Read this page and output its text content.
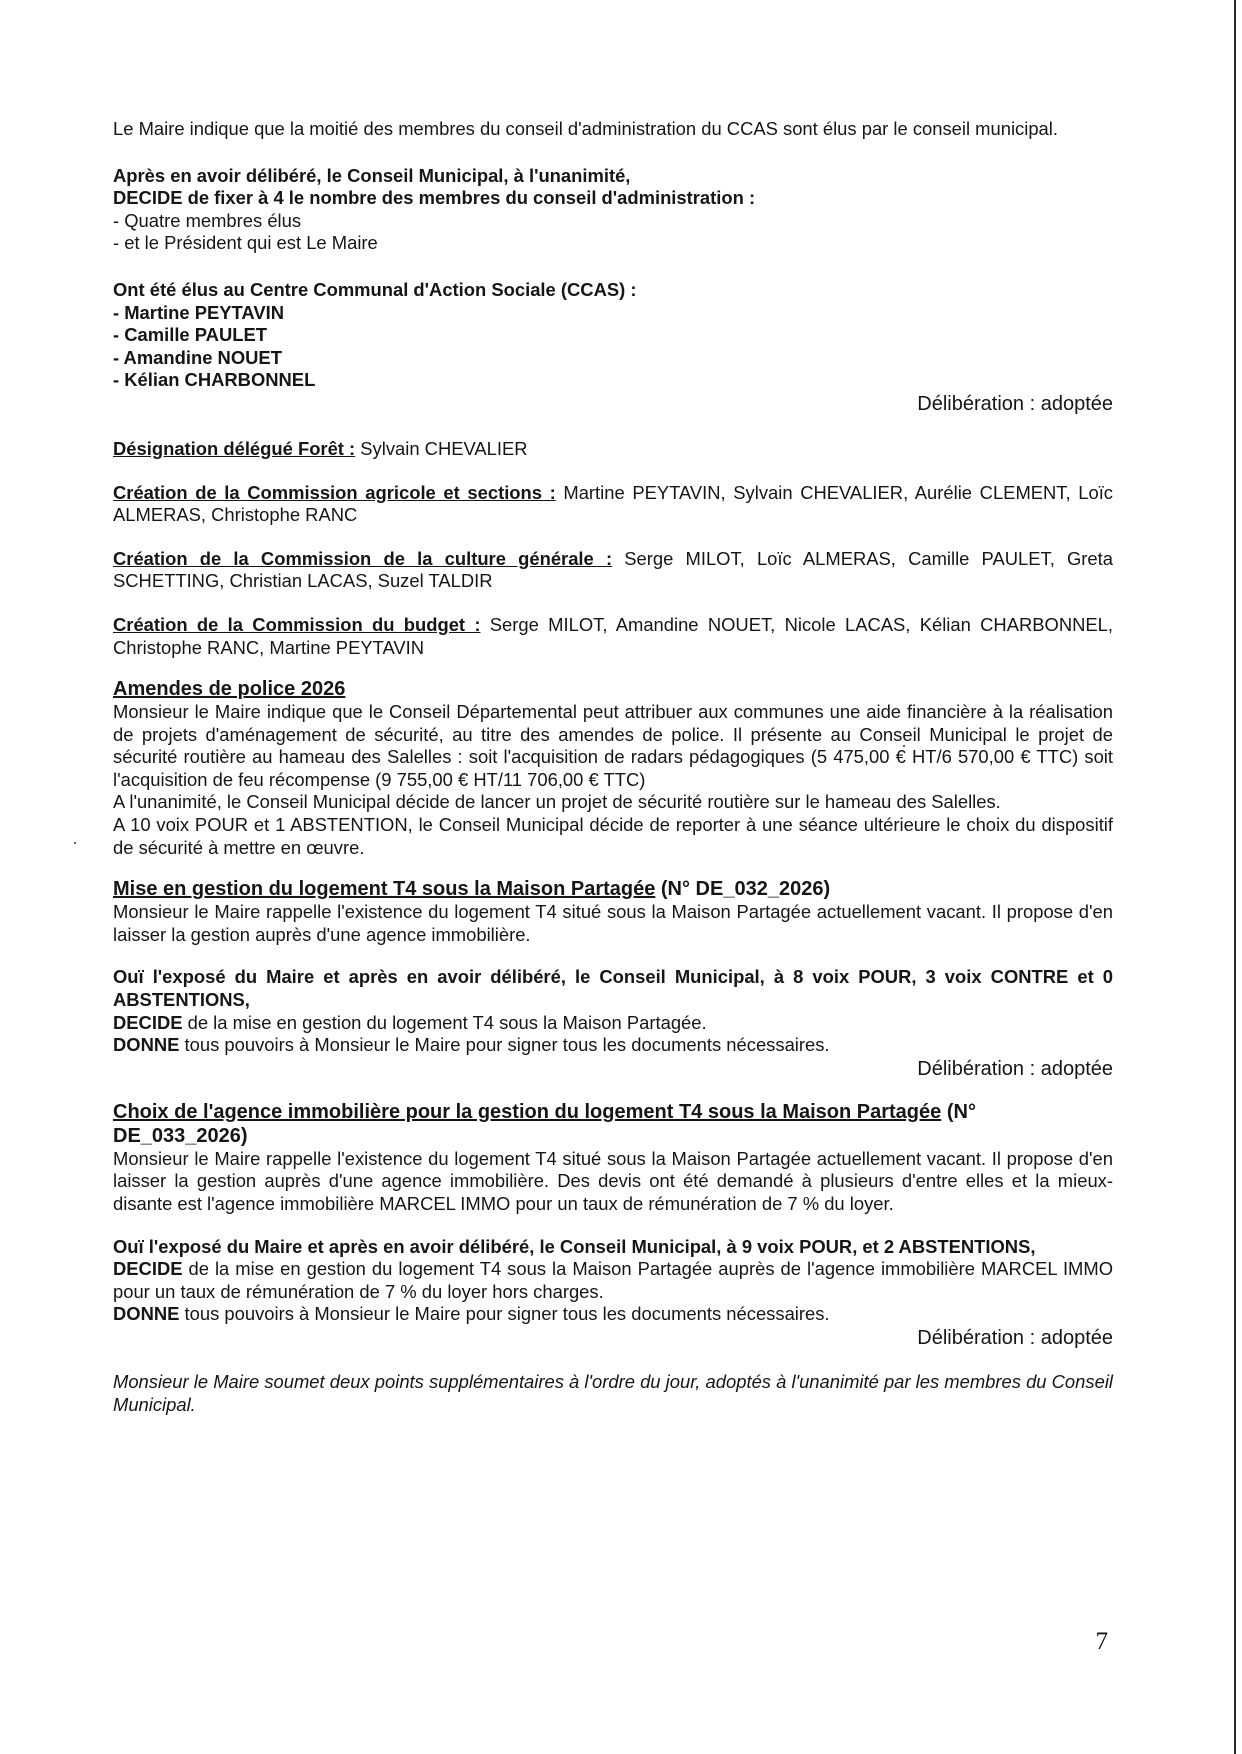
Le Maire indique que la moitié des membres du conseil d'administration du CCAS sont élus par le conseil municipal.

Après en avoir délibéré, le Conseil Municipal, à l'unanimité,

DECIDE de fixer à 4 le nombre des membres du conseil d'administration :

- Quatre membres élus

- et le Président qui est Le Maire

Ont été élus au Centre Communal d'Action Sociale (CCAS) :

- Martine PEYTAVIN

- Camille PAULET

- Amandine NOUET

- Kélian CHARBONNEL

Délibération : adoptée

Désignation délégué Forêt : Sylvain CHEVALIER

Création de la Commission agricole et sections : Martine PEYTAVIN, Sylvain CHEVALIER, Aurélie CLEMENT, Loïc ALMERAS, Christophe RANC

Création de la Commission de la culture générale : Serge MILOT, Loïc ALMERAS, Camille PAULET, Greta SCHETTING, Christian LACAS, Suzel TALDIR

Création de la Commission du budget : Serge MILOT, Amandine NOUET, Nicole LACAS, Kélian CHARBONNEL, Christophe RANC, Martine PEYTAVIN

Amendes de police 2026

Monsieur le Maire indique que le Conseil Départemental peut attribuer aux communes une aide financière à la réalisation de projets d'aménagement de sécurité, au titre des amendes de police. Il présente au Conseil Municipal le projet de sécurité routière au hameau des Salelles : soit l'acquisition de radars pédagogiques (5 475,00 € HT/6 570,00 € TTC) soit l'acquisition de feu récompense (9 755,00 € HT/11 706,00 € TTC)

A l'unanimité, le Conseil Municipal décide de lancer un projet de sécurité routière sur le hameau des Salelles.

A 10 voix POUR et 1 ABSTENTION, le Conseil Municipal décide de reporter à une séance ultérieure le choix du dispositif de sécurité à mettre en œuvre.

Mise en gestion du logement T4 sous la Maison Partagée (N° DE_032_2026)

Monsieur le Maire rappelle l'existence du logement T4 situé sous la Maison Partagée actuellement vacant. Il propose d'en laisser la gestion auprès d'une agence immobilière.

Ouï l'exposé du Maire et après en avoir délibéré, le Conseil Municipal, à 8 voix POUR, 3 voix CONTRE et 0 ABSTENTIONS,

DECIDE de la mise en gestion du logement T4 sous la Maison Partagée.

DONNE tous pouvoirs à Monsieur le Maire pour signer tous les documents nécessaires.

Délibération : adoptée

Choix de l'agence immobilière pour la gestion du logement T4 sous la Maison Partagée (N° DE_033_2026)

Monsieur le Maire rappelle l'existence du logement T4 situé sous la Maison Partagée actuellement vacant. Il propose d'en laisser la gestion auprès d'une agence immobilière. Des devis ont été demandé à plusieurs d'entre elles et la mieux-disante est l'agence immobilière MARCEL IMMO pour un taux de rémunération de 7 % du loyer.

Ouï l'exposé du Maire et après en avoir délibéré, le Conseil Municipal, à 9 voix POUR, et 2 ABSTENTIONS,

DECIDE de la mise en gestion du logement T4 sous la Maison Partagée auprès de l'agence immobilière MARCEL IMMO pour un taux de rémunération de 7 % du loyer hors charges.

DONNE tous pouvoirs à Monsieur le Maire pour signer tous les documents nécessaires.

Délibération : adoptée

Monsieur le Maire soumet deux points supplémentaires à l'ordre du jour, adoptés à l'unanimité par les membres du Conseil Municipal.

7
